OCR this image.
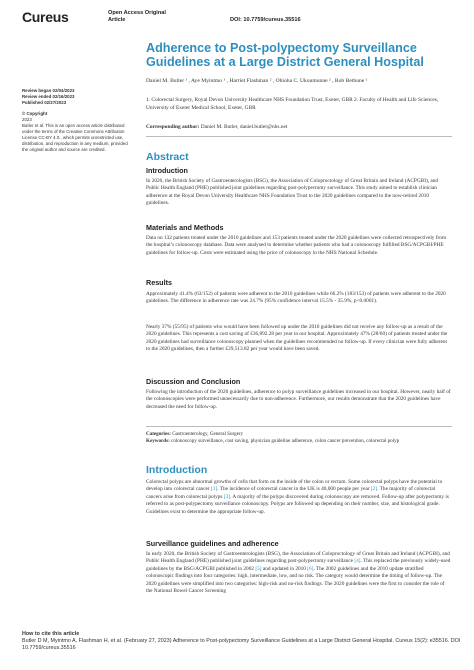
Cureus	Open Access Original
Article	DOI: 10.7759/cureus.35516
Adherence to Post-polypectomy Surveillance Guidelines at a Large District General Hospital
Daniel M. Butler ¹ , Aye Myintmo ¹ , Harriet Flashman ² , Obioha C. Ukoumunne ² , Rob Bethune ¹
1. Colorectal Surgery, Royal Devon University Healthcare NHS Foundation Trust, Exeter, GBR 2. Faculty of Health and Life Sciences, University of Exeter Medical School, Exeter, GBR
Corresponding author: Daniel M. Butler, daniel.butler@nhs.net
Review began 02/04/2023
Review ended 02/16/2023
Published 02/27/2023
© Copyright
2023
Butler et al. This is an open access article distributed under the terms of the Creative Commons Attribution License CC-BY 4.0., which permits unrestricted use, distribution, and reproduction in any medium, provided the original author and source are credited.
Abstract
Introduction
In 2020, the British Society of Gastroenterologists (BSG), the Association of Coloproctology of Great Britain and Ireland (ACPGBI), and Public Health England (PHE) published joint guidelines regarding post-polypectomy surveillance. This study aimed to establish clinician adherence at the Royal Devon University Healthcare NHS Foundation Trust to the 2020 guidelines compared to the now-retired 2010 guidelines.
Materials and Methods
Data on 132 patients treated under the 2010 guidelines and 153 patients treated under the 2020 guidelines were collected retrospectively from the hospital’s colonoscopy database. Data were analysed to determine whether patients who had a colonoscopy fulfilled BSG/ACPGBI/PHE guidelines for follow-up. Costs were estimated using the price of colonoscopy in the NHS National Schedule.
Results
Approximately 41.4% (63/152) of patients were adherent to the 2010 guidelines while 66.2% (183/153) of patients were adherent to the 2020 guidelines. The difference in adherence rate was 24.7% (95% confidence interval 15.5% - 35.9%, p<0.0001).
Nearly 37% (55/95) of patients who would have been followed up under the 2010 guidelines did not receive any follow-up as a result of the 2020 guidelines. This represents a cost saving of £36,892.28 per year in our hospital. Approximately 47% (28/60) of patients treated under the 2020 guidelines had surveillance colonoscopy planned when the guidelines recommended no follow-up. If every clinician were fully adherent to the 2020 guidelines, then a further £29,513.82 per year would have been saved.
Discussion and Conclusion
Following the introduction of the 2020 guidelines, adherence to polyp surveillance guidelines increased in our hospital. However, nearly half of the colonoscopies were performed unnecessarily due to non-adherence. Furthermore, our results demonstrate that the 2020 guidelines have decreased the need for follow-up.
Categories: Gastroenterology, General Surgery
Keywords: colonoscopy surveillance, cost saving, physician guideline adherence, colon cancer prevention, colorectal polyp
Introduction
Colorectal polyps are abnormal growths of cells that form on the inside of the colon or rectum. Some colorectal polyps have the potential to develop into colorectal cancer [1]. The incidence of colorectal cancer in the UK is 40,000 people per year [2]. The majority of colorectal cancers arise from colorectal polyps [3]. A majority of the polyps discovered during colonoscopy are removed. Follow-up after polypectomy is referred to as post-polypectomy surveillance colonoscopy. Polyps are followed up depending on their number, size, and histological grade. Guidelines exist to determine the appropriate follow-up.
Surveillance guidelines and adherence
In early 2020, the British Society of Gastroenterologists (BSG), the Association of Coloproctology of Great Britain and Ireland (ACPGBI), and Public Health England (PHE) published joint guidelines regarding post-polypectomy surveillance [4]. This replaced the previously widely-used guidelines by the BSG/ACPGBI published in 2002 [5] and updated in 2010 [6]. The 2002 guidelines and the 2010 update stratified colonoscopic findings into four categories: high, intermediate, low, and no risk. The category would determine the timing of follow-up. The 2020 guidelines were simplified into two categories: high-risk and no-risk findings. The 2020 guidelines were the first to consider the role of the National Bowel Cancer Screening
How to cite this article
Butler D M, Myintmo A, Flashman H, et al. (February 27, 2023) Adherence to Post-polypectomy Surveillance Guidelines at a Large District General Hospital. Cureus 15(2): e35516. DOI 10.7759/cureus.35516
